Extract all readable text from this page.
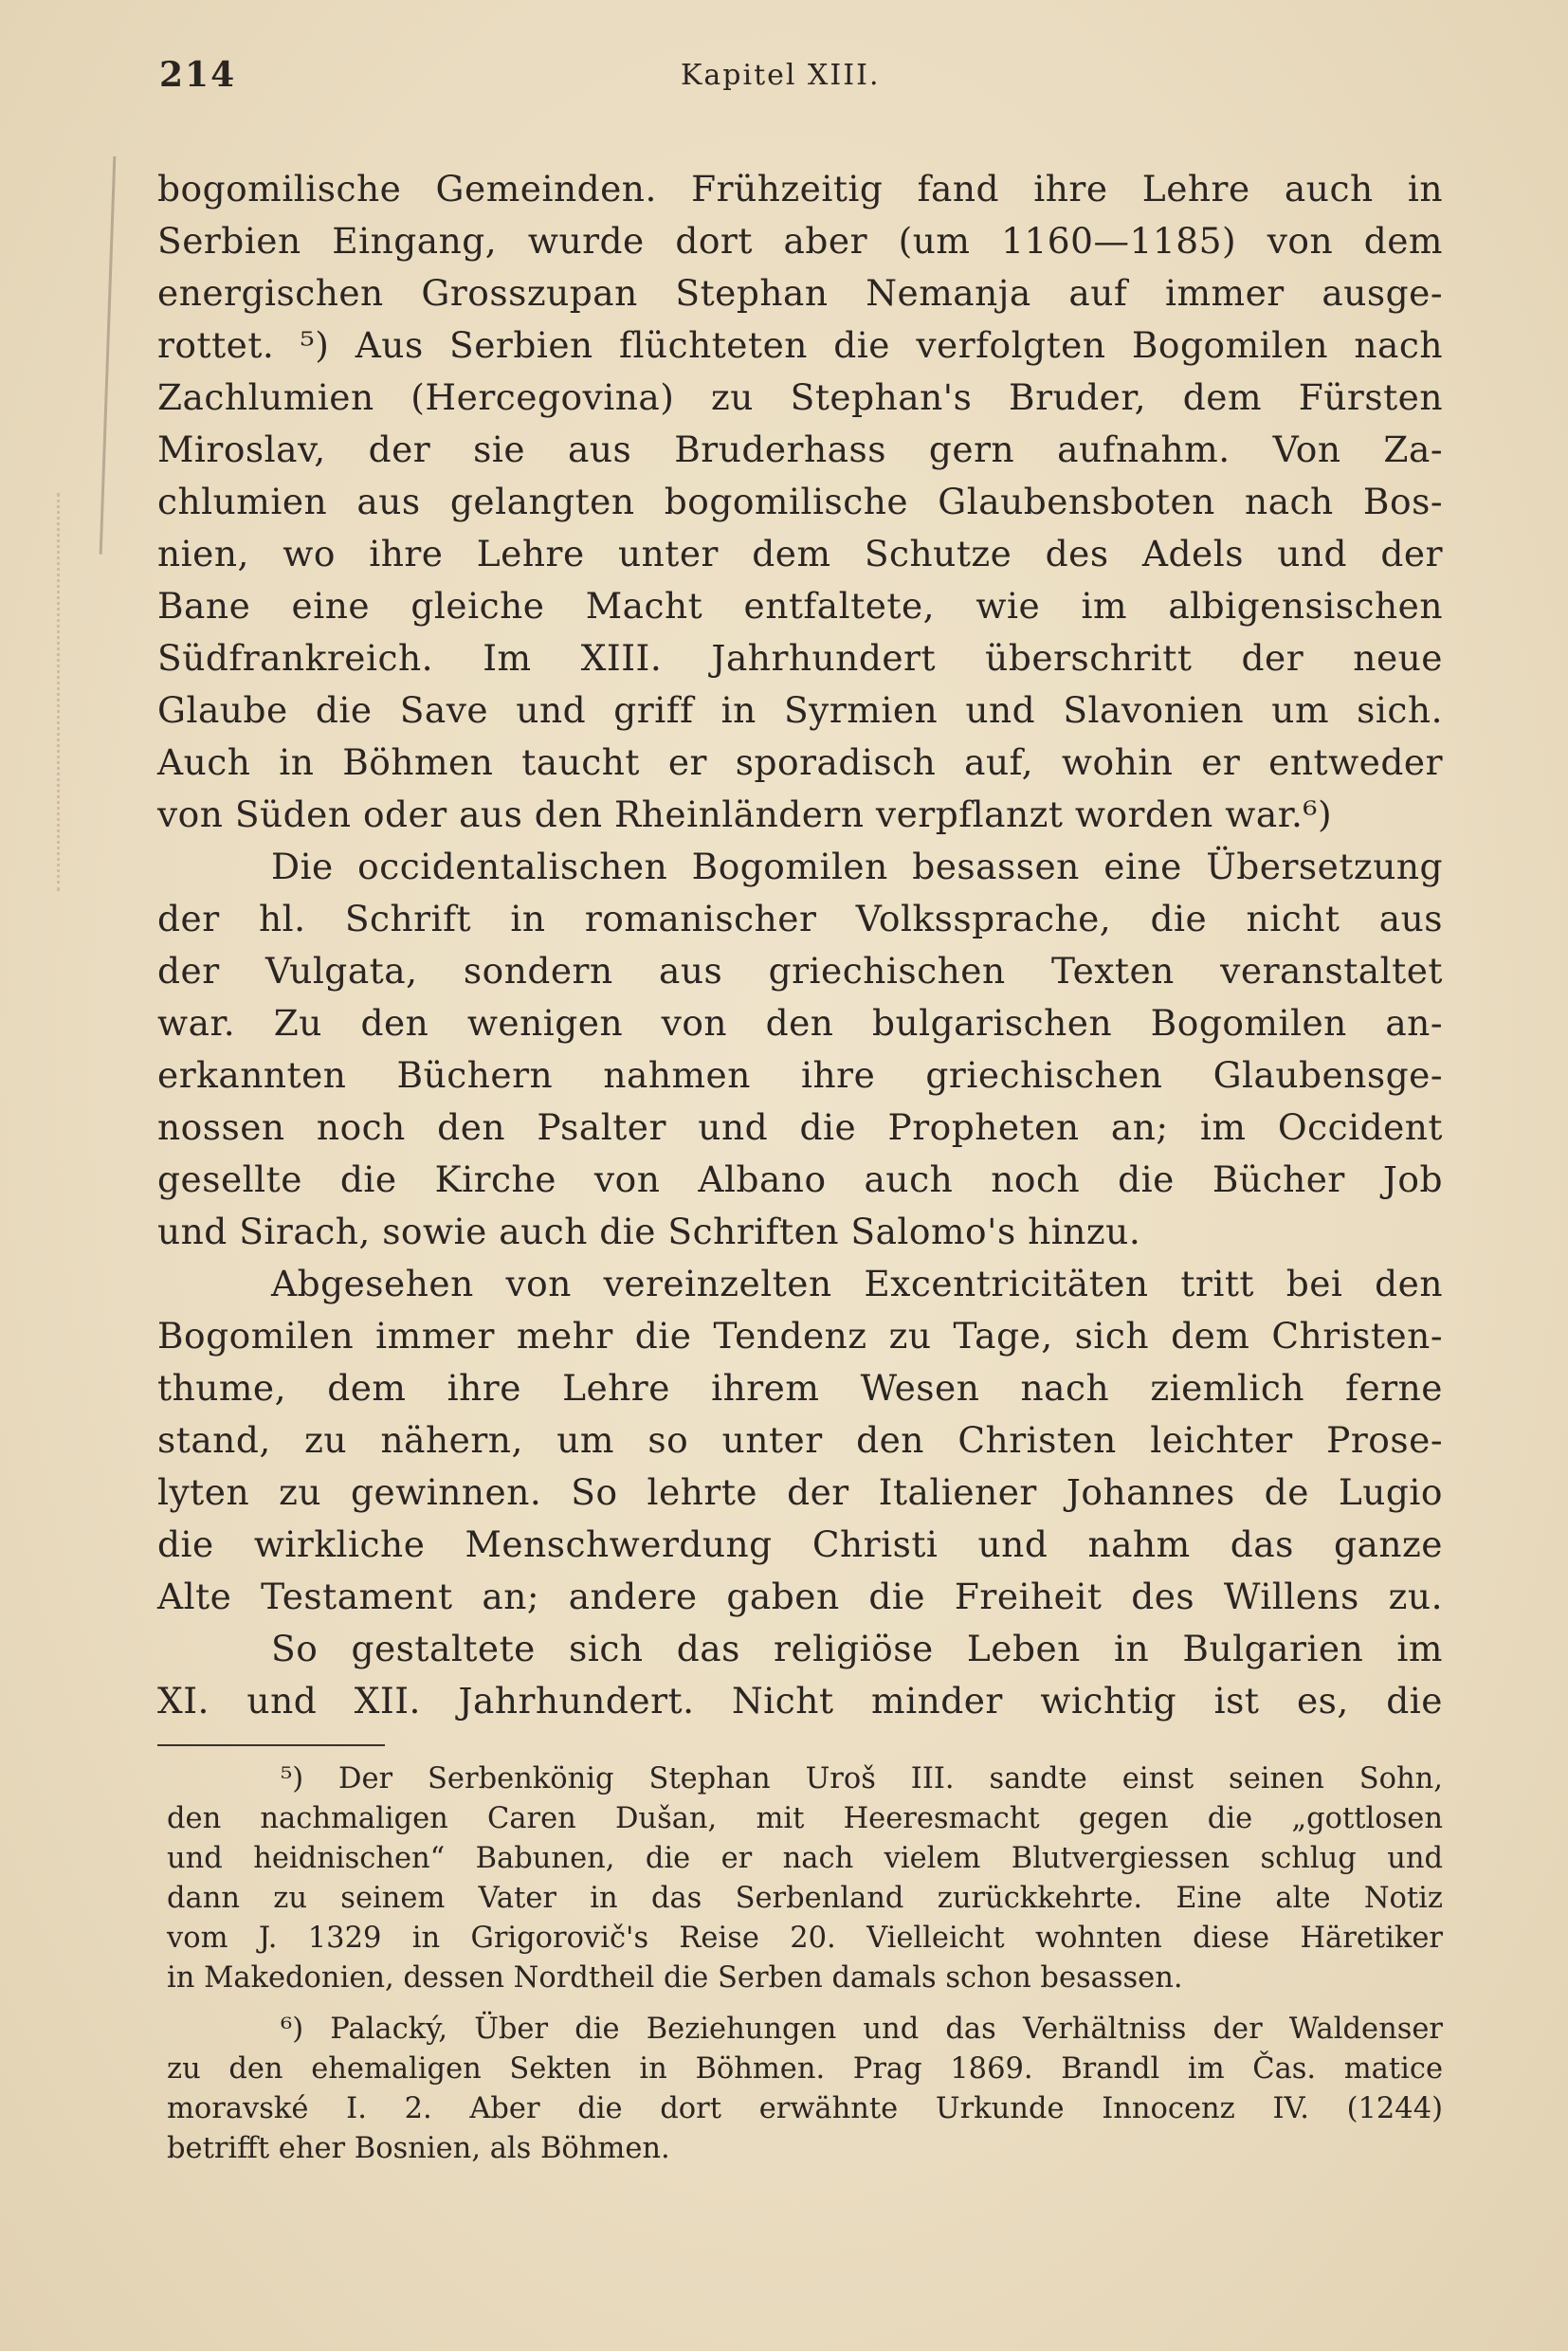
214	Kapitel XIII.

bogomilische Gemeinden. Frühzeitig fand ihre Lehre auch in

Serbien Eingang, wurde dort aber (um 1160—1185) von dem

energischen Grosszupan Stephan Nemanja auf immer ausge-

rottet. ⁵) Aus Serbien flüchteten die verfolgten Bogomilen nach

Zachlumien (Hercegovina) zu Stephan's Bruder, dem Fürsten

Miroslav, der sie aus Bruderhass gern aufnahm. Von Za-

chlumien aus gelangten bogomilische Glaubensboten nach Bos-

nien, wo ihre Lehre unter dem Schutze des Adels und der

Bane eine gleiche Macht entfaltete, wie im albigensischen

Südfrankreich. Im XIII. Jahrhundert überschritt der neue

Glaube die Save und griff in Syrmien und Slavonien um sich.

Auch in Böhmen taucht er sporadisch auf, wohin er entweder

von Süden oder aus den Rheinländern verpflanzt worden war.⁶)

Die occidentalischen Bogomilen besassen eine Übersetzung

der hl. Schrift in romanischer Volkssprache, die nicht aus

der Vulgata, sondern aus griechischen Texten veranstaltet

war. Zu den wenigen von den bulgarischen Bogomilen an-

erkannten Büchern nahmen ihre griechischen Glaubensge-

nossen noch den Psalter und die Propheten an; im Occident

gesellte die Kirche von Albano auch noch die Bücher Job

und Sirach, sowie auch die Schriften Salomo's hinzu.

Abgesehen von vereinzelten Excentricitäten tritt bei den

Bogomilen immer mehr die Tendenz zu Tage, sich dem Christen-

thume, dem ihre Lehre ihrem Wesen nach ziemlich ferne

stand, zu nähern, um so unter den Christen leichter Prose-

lyten zu gewinnen. So lehrte der Italiener Johannes de Lugio

die wirkliche Menschwerdung Christi und nahm das ganze

Alte Testament an; andere gaben die Freiheit des Willens zu.

So gestaltete sich das religiöse Leben in Bulgarien im

XI. und XII. Jahrhundert. Nicht minder wichtig ist es, die

⁵) Der Serbenkönig Stephan Uroš III. sandte einst seinen Sohn,

den nachmaligen Caren Dušan, mit Heeresmacht gegen die „gottlosen

und heidnischen“ Babunen, die er nach vielem Blutvergiessen schlug und

dann zu seinem Vater in das Serbenland zurückkehrte. Eine alte Notiz

vom J. 1329 in Grigorovič's Reise 20. Vielleicht wohnten diese Häretiker

in Makedonien, dessen Nordtheil die Serben damals schon besassen.

⁶) Palacký, Über die Beziehungen und das Verhältniss der Waldenser

zu den ehemaligen Sekten in Böhmen. Prag 1869. Brandl im Čas. matice

moravské I. 2. Aber die dort erwähnte Urkunde Innocenz IV. (1244)

betrifft eher Bosnien, als Böhmen.
